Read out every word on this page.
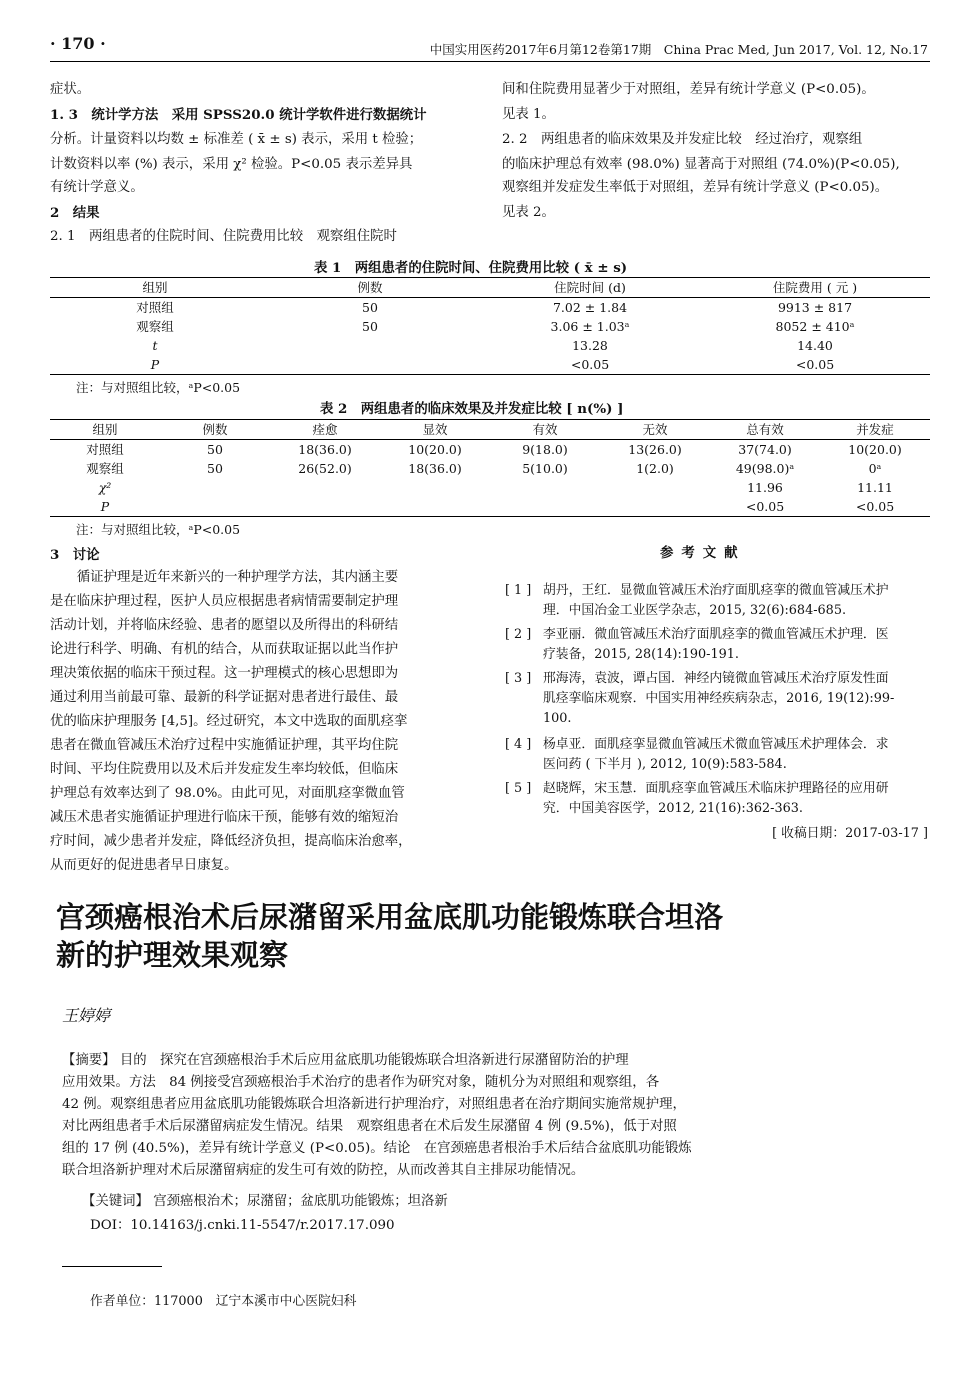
· 170 ·	中国实用医药2017年6月第12卷第17期　China Prac Med, Jun 2017, Vol. 12, No.17
症状。
1. 3　统计学方法　采用 SPSS20.0 统计学软件进行数据统计
分析。计量资料以均数 ± 标准差 ( x̄ ± s) 表示，采用 t 检验；
计数资料以率 (%) 表示，采用 χ² 检验。P<0.05 表示差异具
有统计学意义。
2　结果
2. 1　两组患者的住院时间、住院费用比较　观察组住院时
间和住院费用显著少于对照组，差异有统计学意义 (P<0.05)。
见表 1。
2. 2　两组患者的临床效果及并发症比较　经过治疗，观察组
的临床护理总有效率 (98.0%) 显著高于对照组 (74.0%)(P<0.05),
观察组并发症发生率低于对照组，差异有统计学意义 (P<0.05)。
见表 2。
表 1　两组患者的住院时间、住院费用比较 ( x̄ ± s)
组别	例数	住院时间 (d)	住院费用 ( 元 )
对照组	50	7.02 ± 1.84	9913 ± 817
观察组	50	3.06 ± 1.03ᵃ	8052 ± 410ᵃ
t		13.28	14.40
P		<0.05	<0.05
注：与对照组比较，ᵃP<0.05
表 2　两组患者的临床效果及并发症比较 [ n(%) ]
组别	例数	痊愈	显效	有效	无效	总有效	并发症
对照组	50	18(36.0)	10(20.0)	9(18.0)	13(26.0)	37(74.0)	10(20.0)
观察组	50	26(52.0)	18(36.0)	5(10.0)	1(2.0)	49(98.0)ᵃ	0ᵃ
χ²						11.96	11.11
P						<0.05	<0.05
注：与对照组比较，ᵃP<0.05
3　讨论
　　循证护理是近年来新兴的一种护理学方法，其内涵主要
是在临床护理过程，医护人员应根据患者病情需要制定护理
活动计划，并将临床经验、患者的愿望以及所得出的科研结
论进行科学、明确、有机的结合，从而获取证据以此当作护
理决策依据的临床干预过程。这一护理模式的核心思想即为
通过利用当前最可靠、最新的科学证据对患者进行最佳、最
优的临床护理服务 [4,5]。经过研究，本文中选取的面肌痉挛
患者在微血管减压术治疗过程中实施循证护理，其平均住院
时间、平均住院费用以及术后并发症发生率均较低，但临床
护理总有效率达到了 98.0%。由此可见，对面肌痉挛微血管
减压术患者实施循证护理进行临床干预，能够有效的缩短治
疗时间，减少患者并发症，降低经济负担，提高临床治愈率，
从而更好的促进患者早日康复。
参考文献
[ 1 ] 胡丹，王红．显微血管减压术治疗面肌痉挛的微血管减压术护
理．中国冶金工业医学杂志，2015, 32(6):684-685.
[ 2 ] 李亚丽．微血管减压术治疗面肌痉挛的微血管减压术护理．医
疗装备，2015, 28(14):190-191.
[ 3 ] 邢海涛，袁波，谭占国．神经内镜微血管减压术治疗原发性面
肌痉挛临床观察．中国实用神经疾病杂志，2016, 19(12):99-
100.
[ 4 ] 杨卓亚．面肌痉挛显微血管减压术微血管减压术护理体会．求
医问药 ( 下半月 ), 2012, 10(9):583-584.
[ 5 ] 赵晓辉，宋玉慧．面肌痉挛血管减压术临床护理路径的应用研
究．中国美容医学，2012, 21(16):362-363.
[ 收稿日期：2017-03-17 ]
宫颈癌根治术后尿潴留采用盆底肌功能锻炼联合坦洛
新的护理效果观察
王婷婷
【摘要】 目的　探究在宫颈癌根治手术后应用盆底肌功能锻炼联合坦洛新进行尿潴留防治的护理
应用效果。方法　84 例接受宫颈癌根治手术治疗的患者作为研究对象，随机分为对照组和观察组，各
42 例。观察组患者应用盆底肌功能锻炼联合坦洛新进行护理治疗，对照组患者在治疗期间实施常规护理，
对比两组患者手术后尿潴留病症发生情况。结果　观察组患者在术后发生尿潴留 4 例 (9.5%)，低于对照
组的 17 例 (40.5%)，差异有统计学意义 (P<0.05)。结论　在宫颈癌患者根治手术后结合盆底肌功能锻炼
联合坦洛新护理对术后尿潴留病症的发生可有效的防控，从而改善其自主排尿功能情况。
【关键词】 宫颈癌根治术；尿潴留；盆底肌功能锻炼；坦洛新
DOI：10.14163/j.cnki.11-5547/r.2017.17.090
作者单位：117000　辽宁本溪市中心医院妇科
